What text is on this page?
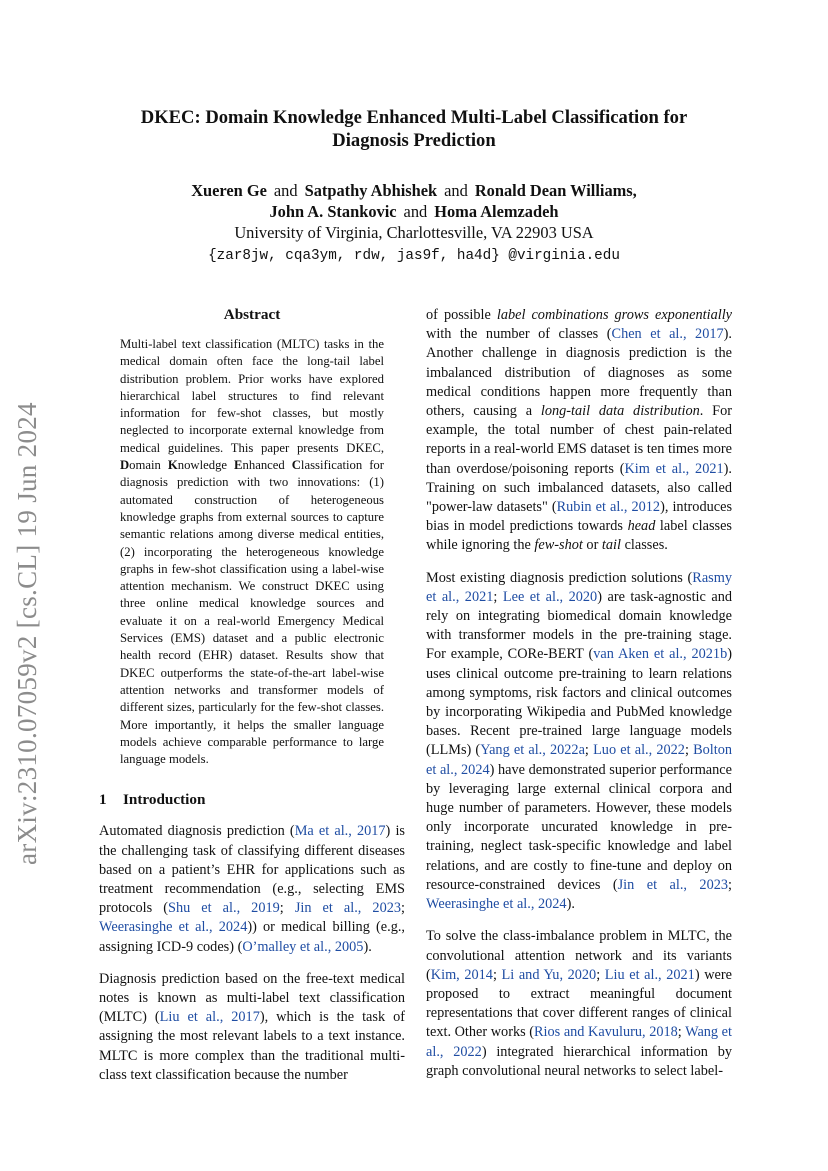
arXiv:2310.07059v2 [cs.CL] 19 Jun 2024
DKEC: Domain Knowledge Enhanced Multi-Label Classification for
Diagnosis Prediction
Xueren Ge and Satpathy Abhishek and Ronald Dean Williams,
John A. Stankovic and Homa Alemzadeh
University of Virginia, Charlottesville, VA 22903 USA
{zar8jw, cqa3ym, rdw, jas9f, ha4d} @virginia.edu
Abstract
Multi-label text classification (MLTC) tasks in the medical domain often face the long-tail label distribution problem. Prior works have explored hierarchical label structures to find relevant information for few-shot classes, but mostly neglected to incorporate external knowledge from medical guidelines. This paper presents DKEC, Domain Knowledge Enhanced Classification for diagnosis prediction with two innovations: (1) automated construction of heterogeneous knowledge graphs from external sources to capture semantic relations among diverse medical entities, (2) incorporating the heterogeneous knowledge graphs in few-shot classification using a label-wise attention mechanism. We construct DKEC using three online medical knowledge sources and evaluate it on a real-world Emergency Medical Services (EMS) dataset and a public electronic health record (EHR) dataset. Results show that DKEC outperforms the state-of-the-art label-wise attention networks and transformer models of different sizes, particularly for the few-shot classes. More importantly, it helps the smaller language models achieve comparable performance to large language models.
1 Introduction

Automated diagnosis prediction (Ma et al., 2017) is the challenging task of classifying different diseases based on a patient’s EHR for applications such as treatment recommendation (e.g., selecting EMS protocols (Shu et al., 2019; Jin et al., 2023; Weerasinghe et al., 2024)) or medical billing (e.g., assigning ICD-9 codes) (O’malley et al., 2005).

Diagnosis prediction based on the free-text medical notes is known as multi-label text classification (MLTC) (Liu et al., 2017), which is the task of assigning the most relevant labels to a text instance. MLTC is more complex than the traditional multi-class text classification because the number

of possible label combinations grows exponentially with the number of classes (Chen et al., 2017). Another challenge in diagnosis prediction is the imbalanced distribution of diagnoses as some medical conditions happen more frequently than others, causing a long-tail data distribution. For example, the total number of chest pain-related reports in a real-world EMS dataset is ten times more than overdose/poisoning reports (Kim et al., 2021). Training on such imbalanced datasets, also called "power-law datasets" (Rubin et al., 2012), introduces bias in model predictions towards head label classes while ignoring the few-shot or tail classes.

Most existing diagnosis prediction solutions (Rasmy et al., 2021; Lee et al., 2020) are task-agnostic and rely on integrating biomedical domain knowledge with transformer models in the pre-training stage. For example, CORe-BERT (van Aken et al., 2021b) uses clinical outcome pre-training to learn relations among symptoms, risk factors and clinical outcomes by incorporating Wikipedia and PubMed knowledge bases. Recent pre-trained large language models (LLMs) (Yang et al., 2022a; Luo et al., 2022; Bolton et al., 2024) have demonstrated superior performance by leveraging large external clinical corpora and huge number of parameters. However, these models only incorporate uncurated knowledge in pre-training, neglect task-specific knowledge and label relations, and are costly to fine-tune and deploy on resource-constrained devices (Jin et al., 2023; Weerasinghe et al., 2024).

To solve the class-imbalance problem in MLTC, the convolutional attention network and its variants (Kim, 2014; Li and Yu, 2020; Liu et al., 2021) were proposed to extract meaningful document representations that cover different ranges of clinical text. Other works (Rios and Kavuluru, 2018; Wang et al., 2022) integrated hierarchical information by graph convolutional neural networks to select label-
